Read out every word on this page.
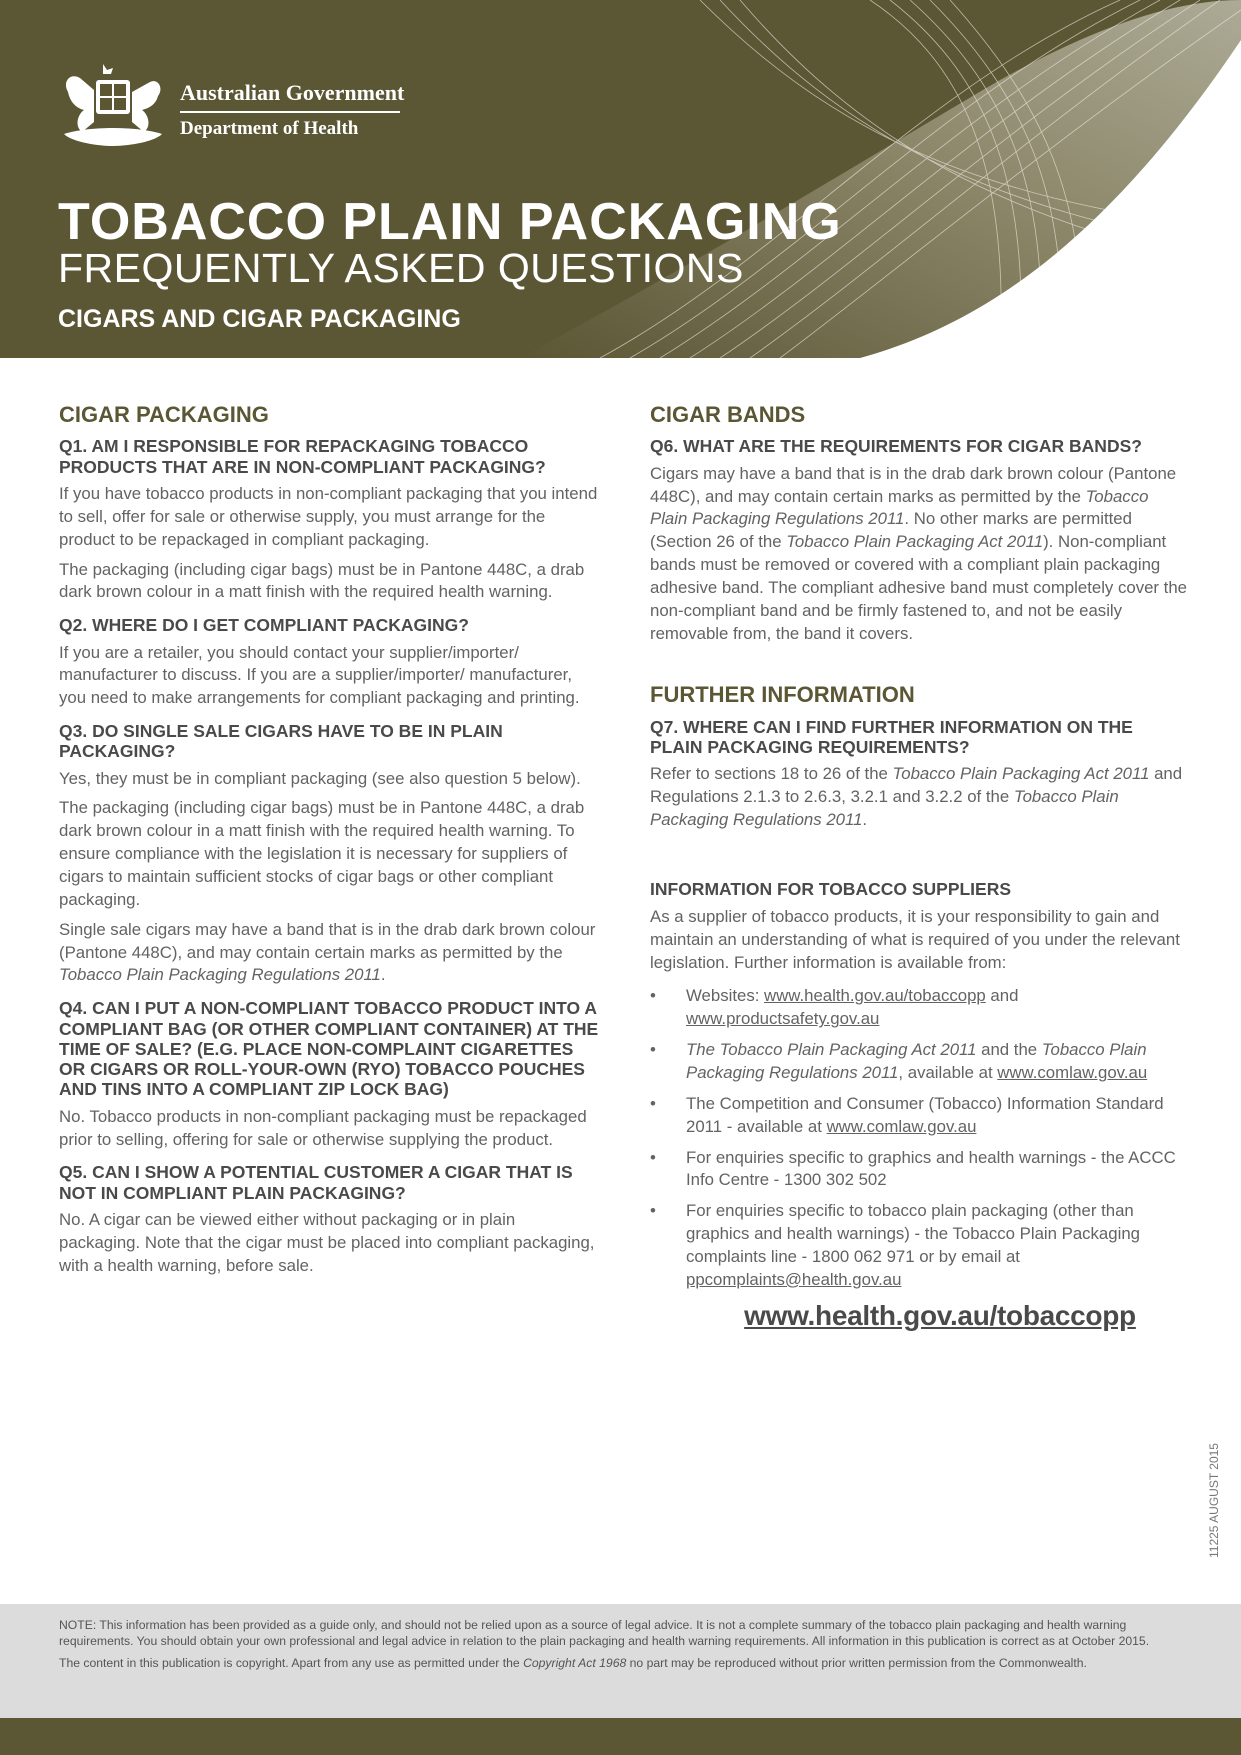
Australian Government
Department of Health
TOBACCO PLAIN PACKAGING
FREQUENTLY ASKED QUESTIONS
CIGARS AND CIGAR PACKAGING
CIGAR PACKAGING
Q1. AM I RESPONSIBLE FOR REPACKAGING TOBACCO PRODUCTS THAT ARE IN NON-COMPLIANT PACKAGING?
If you have tobacco products in non-compliant packaging that you intend to sell, offer for sale or otherwise supply, you must arrange for the product to be repackaged in compliant packaging.
The packaging (including cigar bags) must be in Pantone 448C, a drab dark brown colour in a matt finish with the required health warning.
Q2. WHERE DO I GET COMPLIANT PACKAGING?
If you are a retailer, you should contact your supplier/importer/ manufacturer to discuss. If you are a supplier/importer/ manufacturer, you need to make arrangements for compliant packaging and printing.
Q3. DO SINGLE SALE CIGARS HAVE TO BE IN PLAIN PACKAGING?
Yes, they must be in compliant packaging (see also question 5 below).
The packaging (including cigar bags) must be in Pantone 448C, a drab dark brown colour in a matt finish with the required health warning. To ensure compliance with the legislation it is necessary for suppliers of cigars to maintain sufficient stocks of cigar bags or other compliant packaging.
Single sale cigars may have a band that is in the drab dark brown colour (Pantone 448C), and may contain certain marks as permitted by the Tobacco Plain Packaging Regulations 2011.
Q4. CAN I PUT A NON-COMPLIANT TOBACCO PRODUCT INTO A COMPLIANT BAG (OR OTHER COMPLIANT CONTAINER) AT THE TIME OF SALE? (E.G. PLACE NON-COMPLAINT CIGARETTES OR CIGARS OR ROLL-YOUR-OWN (RYO) TOBACCO POUCHES AND TINS INTO A COMPLIANT ZIP LOCK BAG)
No. Tobacco products in non-compliant packaging must be repackaged prior to selling, offering for sale or otherwise supplying the product.
Q5. CAN I SHOW A POTENTIAL CUSTOMER A CIGAR THAT IS NOT IN COMPLIANT PLAIN PACKAGING?
No. A cigar can be viewed either without packaging or in plain packaging. Note that the cigar must be placed into compliant packaging, with a health warning, before sale.
CIGAR BANDS
Q6. WHAT ARE THE REQUIREMENTS FOR CIGAR BANDS?
Cigars may have a band that is in the drab dark brown colour (Pantone 448C), and may contain certain marks as permitted by the Tobacco Plain Packaging Regulations 2011. No other marks are permitted (Section 26 of the Tobacco Plain Packaging Act 2011). Non-compliant bands must be removed or covered with a compliant plain packaging adhesive band. The compliant adhesive band must completely cover the non-compliant band and be firmly fastened to, and not be easily removable from, the band it covers.
FURTHER INFORMATION
Q7. WHERE CAN I FIND FURTHER INFORMATION ON THE PLAIN PACKAGING REQUIREMENTS?
Refer to sections 18 to 26 of the Tobacco Plain Packaging Act 2011 and Regulations 2.1.3 to 2.6.3, 3.2.1 and 3.2.2 of the Tobacco Plain Packaging Regulations 2011.
INFORMATION FOR TOBACCO SUPPLIERS
As a supplier of tobacco products, it is your responsibility to gain and maintain an understanding of what is required of you under the relevant legislation. Further information is available from:
• Websites: www.health.gov.au/tobaccopp and www.productsafety.gov.au
• The Tobacco Plain Packaging Act 2011 and the Tobacco Plain Packaging Regulations 2011, available at www.comlaw.gov.au
• The Competition and Consumer (Tobacco) Information Standard 2011 - available at www.comlaw.gov.au
• For enquiries specific to graphics and health warnings - the ACCC Info Centre - 1300 302 502
• For enquiries specific to tobacco plain packaging (other than graphics and health warnings) - the Tobacco Plain Packaging complaints line - 1800 062 971 or by email at ppcomplaints@health.gov.au
www.health.gov.au/tobaccopp
11225 AUGUST 2015

NOTE: This information has been provided as a guide only, and should not be relied upon as a source of legal advice. It is not a complete summary of the tobacco plain packaging and health warning requirements. You should obtain your own professional and legal advice in relation to the plain packaging and health warning requirements. All information in this publication is correct as at October 2015.

The content in this publication is copyright. Apart from any use as permitted under the Copyright Act 1968 no part may be reproduced without prior written permission from the Commonwealth.
